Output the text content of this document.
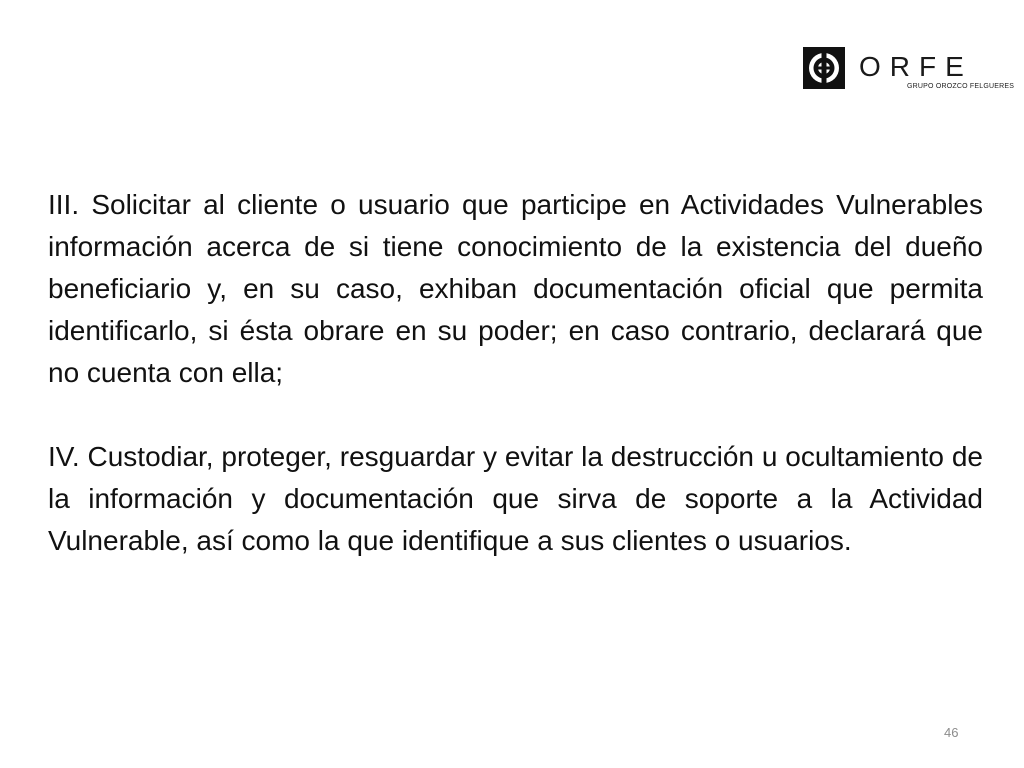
ORFE
GRUPO OROZCO FELGUERES

III. Solicitar al cliente o usuario que participe en Actividades Vulnerables información acerca de si tiene conocimiento de la existencia del dueño beneficiario y, en su caso, exhiban documentación oficial que permita identificarlo, si ésta obrare en su poder; en caso contrario, declarará que no cuenta con ella;

IV. Custodiar, proteger, resguardar y evitar la destrucción u ocultamiento de la información y documentación que sirva de soporte a la Actividad Vulnerable, así como la que identifique a sus clientes o usuarios.

46
